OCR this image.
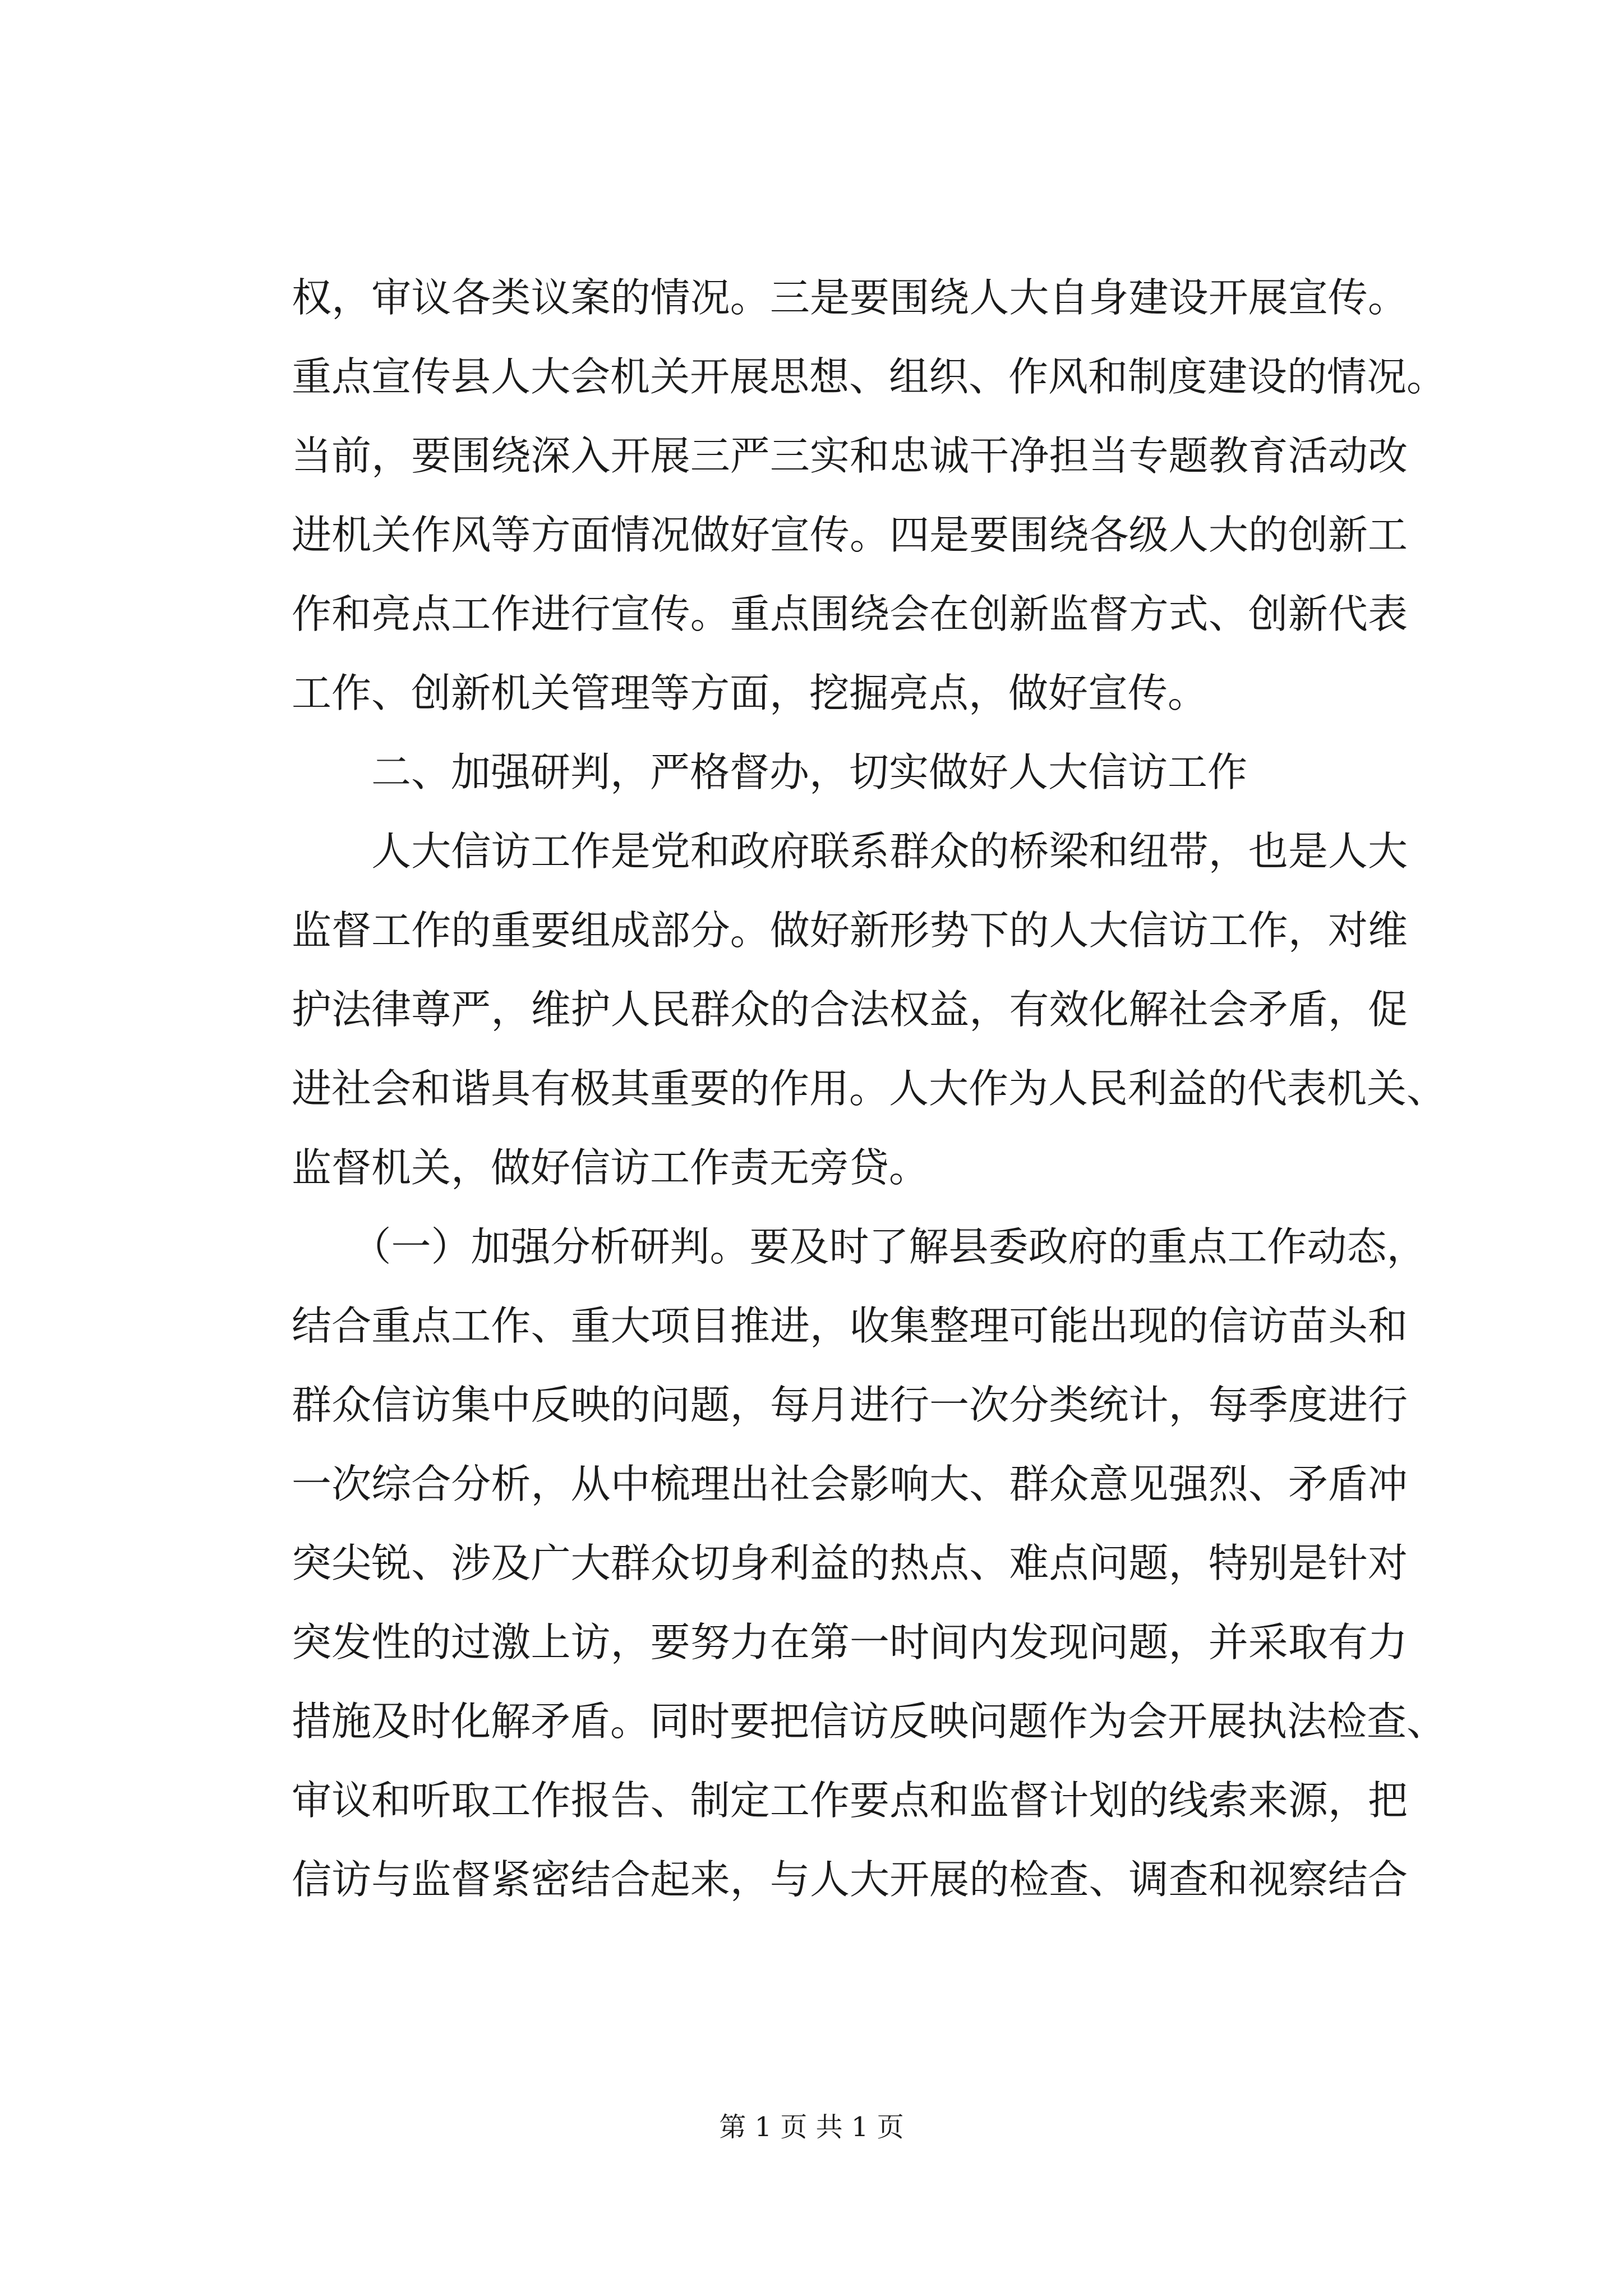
权，审议各类议案的情况。三是要围绕人大自身建设开展宣传。
重点宣传县人大会机关开展思想、组织、作风和制度建设的情况。
当前，要围绕深入开展三严三实和忠诚干净担当专题教育活动改
进机关作风等方面情况做好宣传。四是要围绕各级人大的创新工
作和亮点工作进行宣传。重点围绕会在创新监督方式、创新代表
工作、创新机关管理等方面，挖掘亮点，做好宣传。
　　二、加强研判，严格督办，切实做好人大信访工作
　　人大信访工作是党和政府联系群众的桥梁和纽带，也是人大
监督工作的重要组成部分。做好新形势下的人大信访工作，对维
护法律尊严，维护人民群众的合法权益，有效化解社会矛盾，促
进社会和谐具有极其重要的作用。人大作为人民利益的代表机关、
监督机关，做好信访工作责无旁贷。
　　（一）加强分析研判。要及时了解县委政府的重点工作动态，
结合重点工作、重大项目推进，收集整理可能出现的信访苗头和
群众信访集中反映的问题，每月进行一次分类统计，每季度进行
一次综合分析，从中梳理出社会影响大、群众意见强烈、矛盾冲
突尖锐、涉及广大群众切身利益的热点、难点问题，特别是针对
突发性的过激上访，要努力在第一时间内发现问题，并采取有力
措施及时化解矛盾。同时要把信访反映问题作为会开展执法检查、
审议和听取工作报告、制定工作要点和监督计划的线索来源，把
信访与监督紧密结合起来，与人大开展的检查、调查和视察结合
第 1 页 共 1 页
